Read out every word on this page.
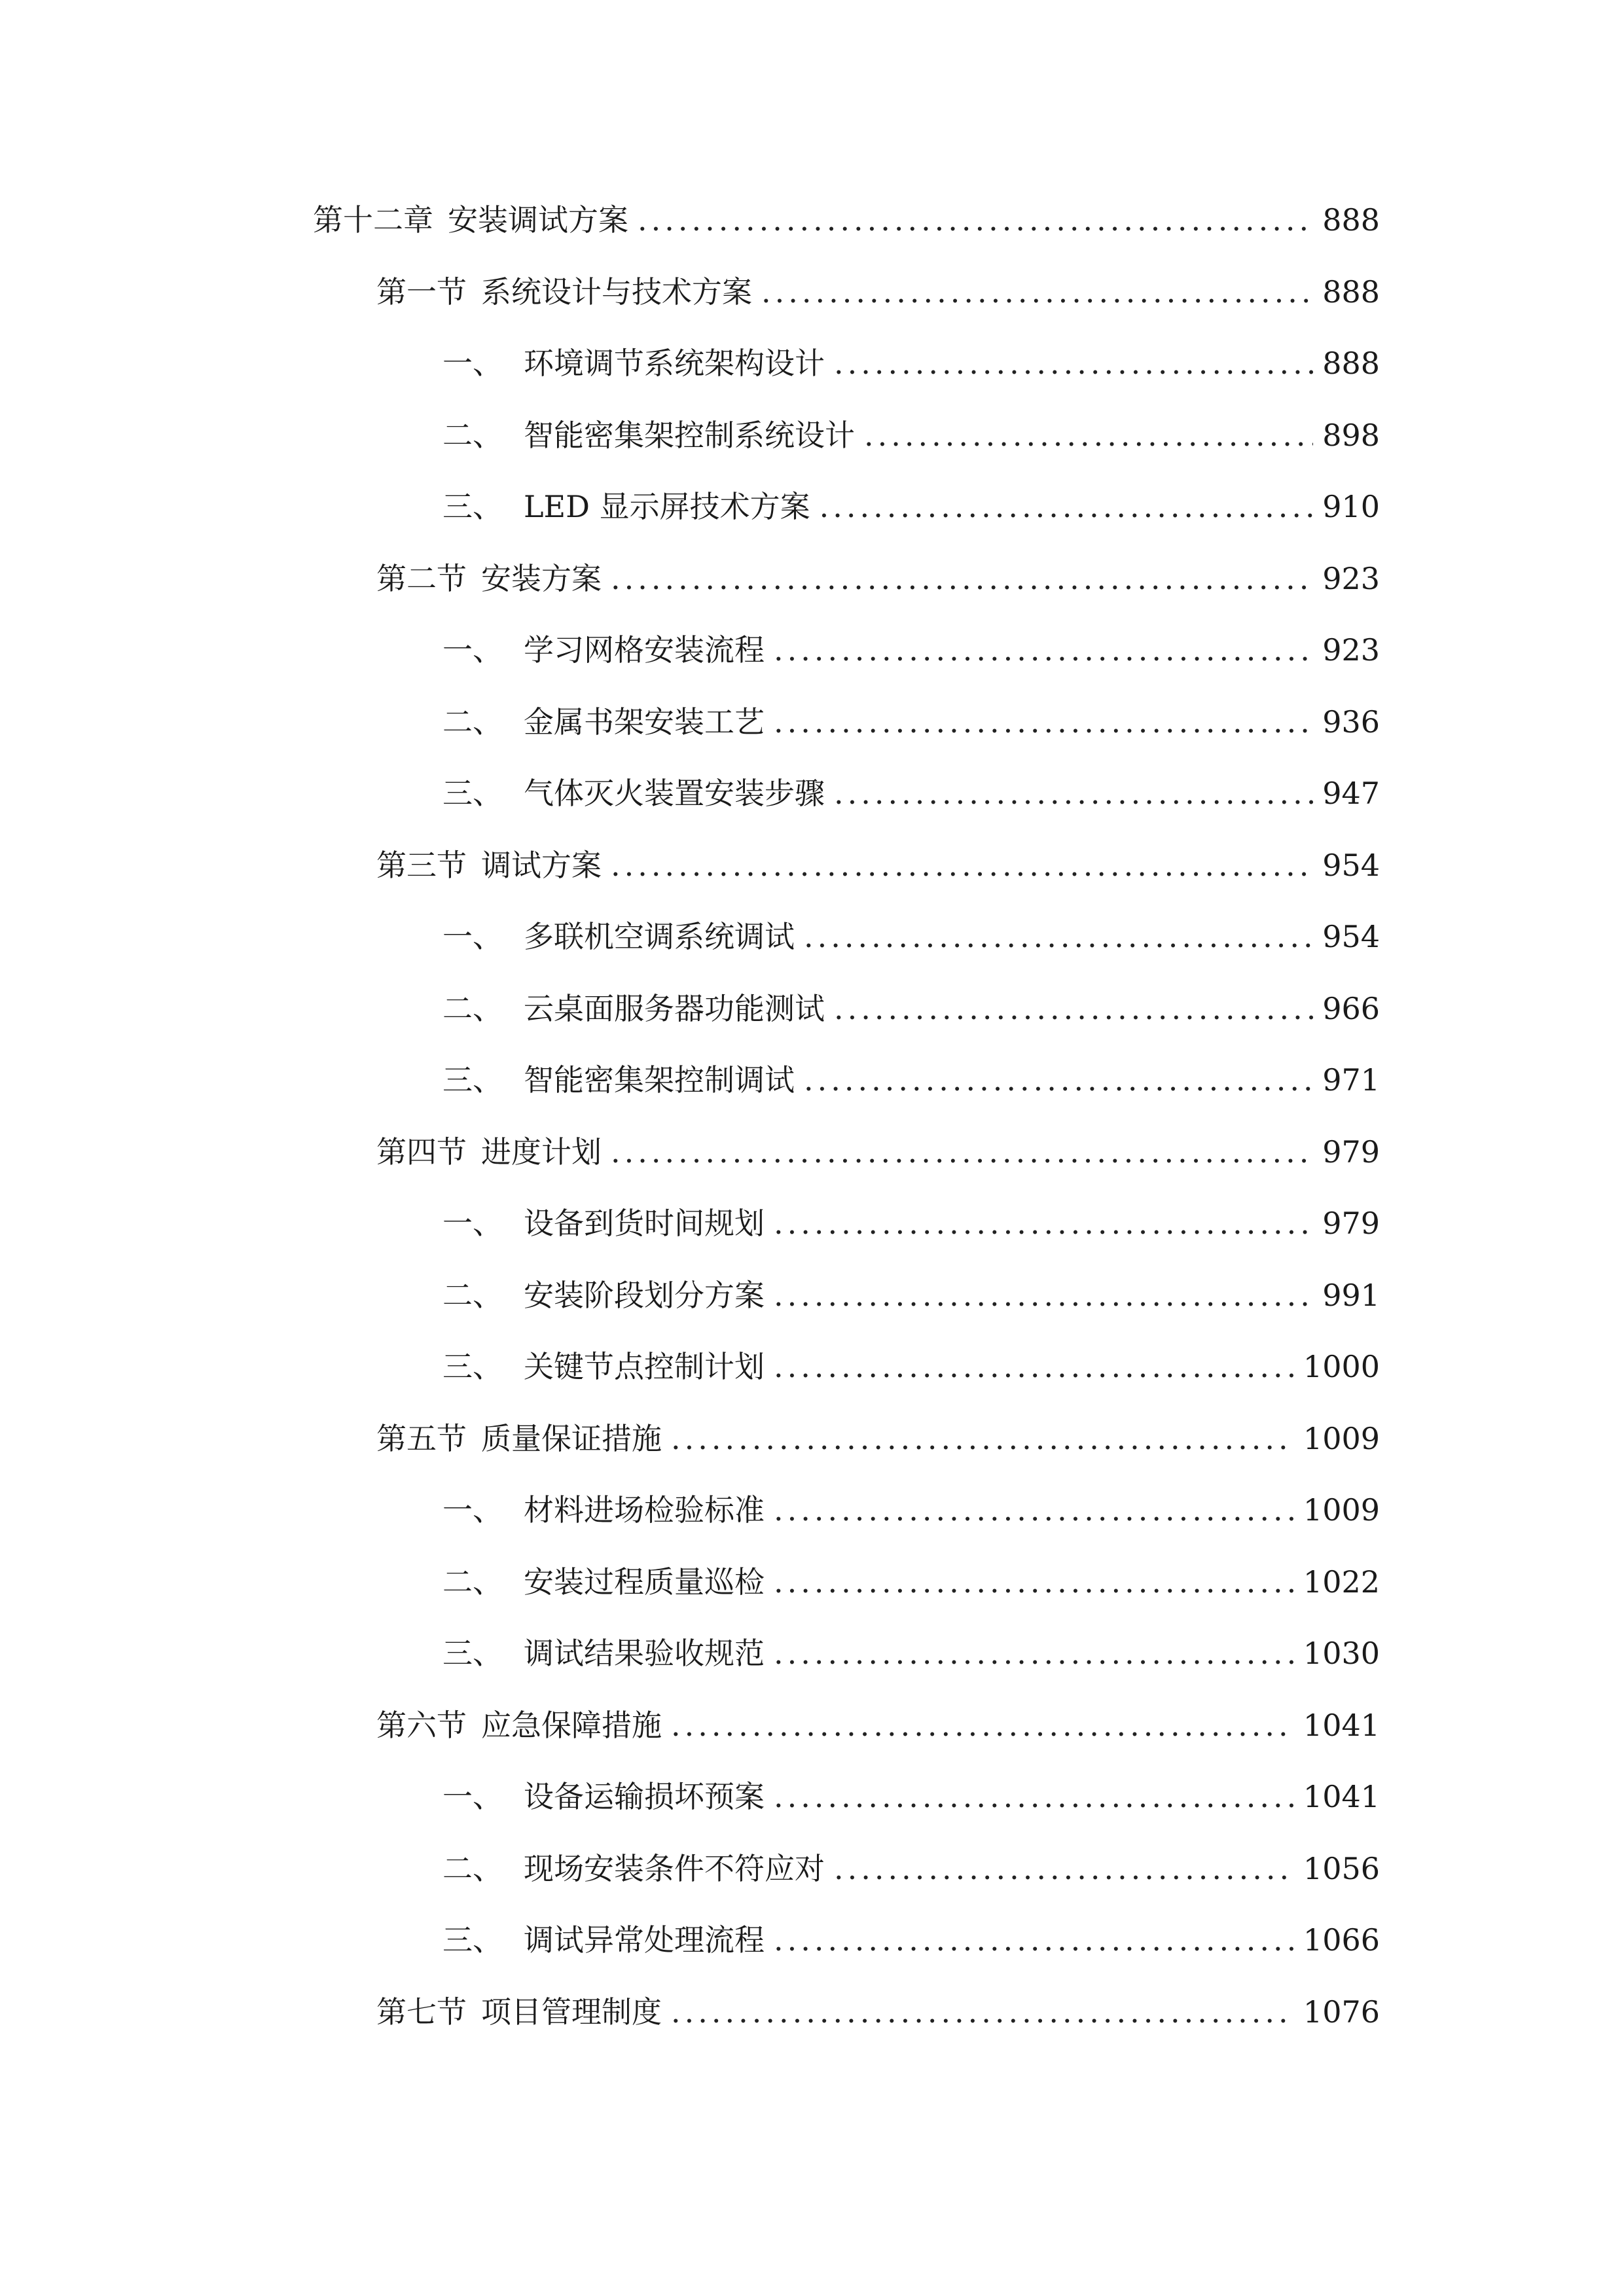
第十二章 安装调试方案 .....	888
第一节 系统设计与技术方案 .....	888
一、 环境调节系统架构设计 .....	888
二、 智能密集架控制系统设计 .....	898
三、 LED 显示屏技术方案 .....	910
第二节 安装方案 .....	923
一、 学习网格安装流程 .....	923
二、 金属书架安装工艺 .....	936
三、 气体灭火装置安装步骤 .....	947
第三节 调试方案 .....	954
一、 多联机空调系统调试 .....	954
二、 云桌面服务器功能测试 .....	966
三、 智能密集架控制调试 .....	971
第四节 进度计划 .....	979
一、 设备到货时间规划 .....	979
二、 安装阶段划分方案 .....	991
三、 关键节点控制计划 .....	1000
第五节 质量保证措施 .....	1009
一、 材料进场检验标准 .....	1009
二、 安装过程质量巡检 .....	1022
三、 调试结果验收规范 .....	1030
第六节 应急保障措施 .....	1041
一、 设备运输损坏预案 .....	1041
二、 现场安装条件不符应对 .....	1056
三、 调试异常处理流程 .....	1066
第七节 项目管理制度 .....	1076
